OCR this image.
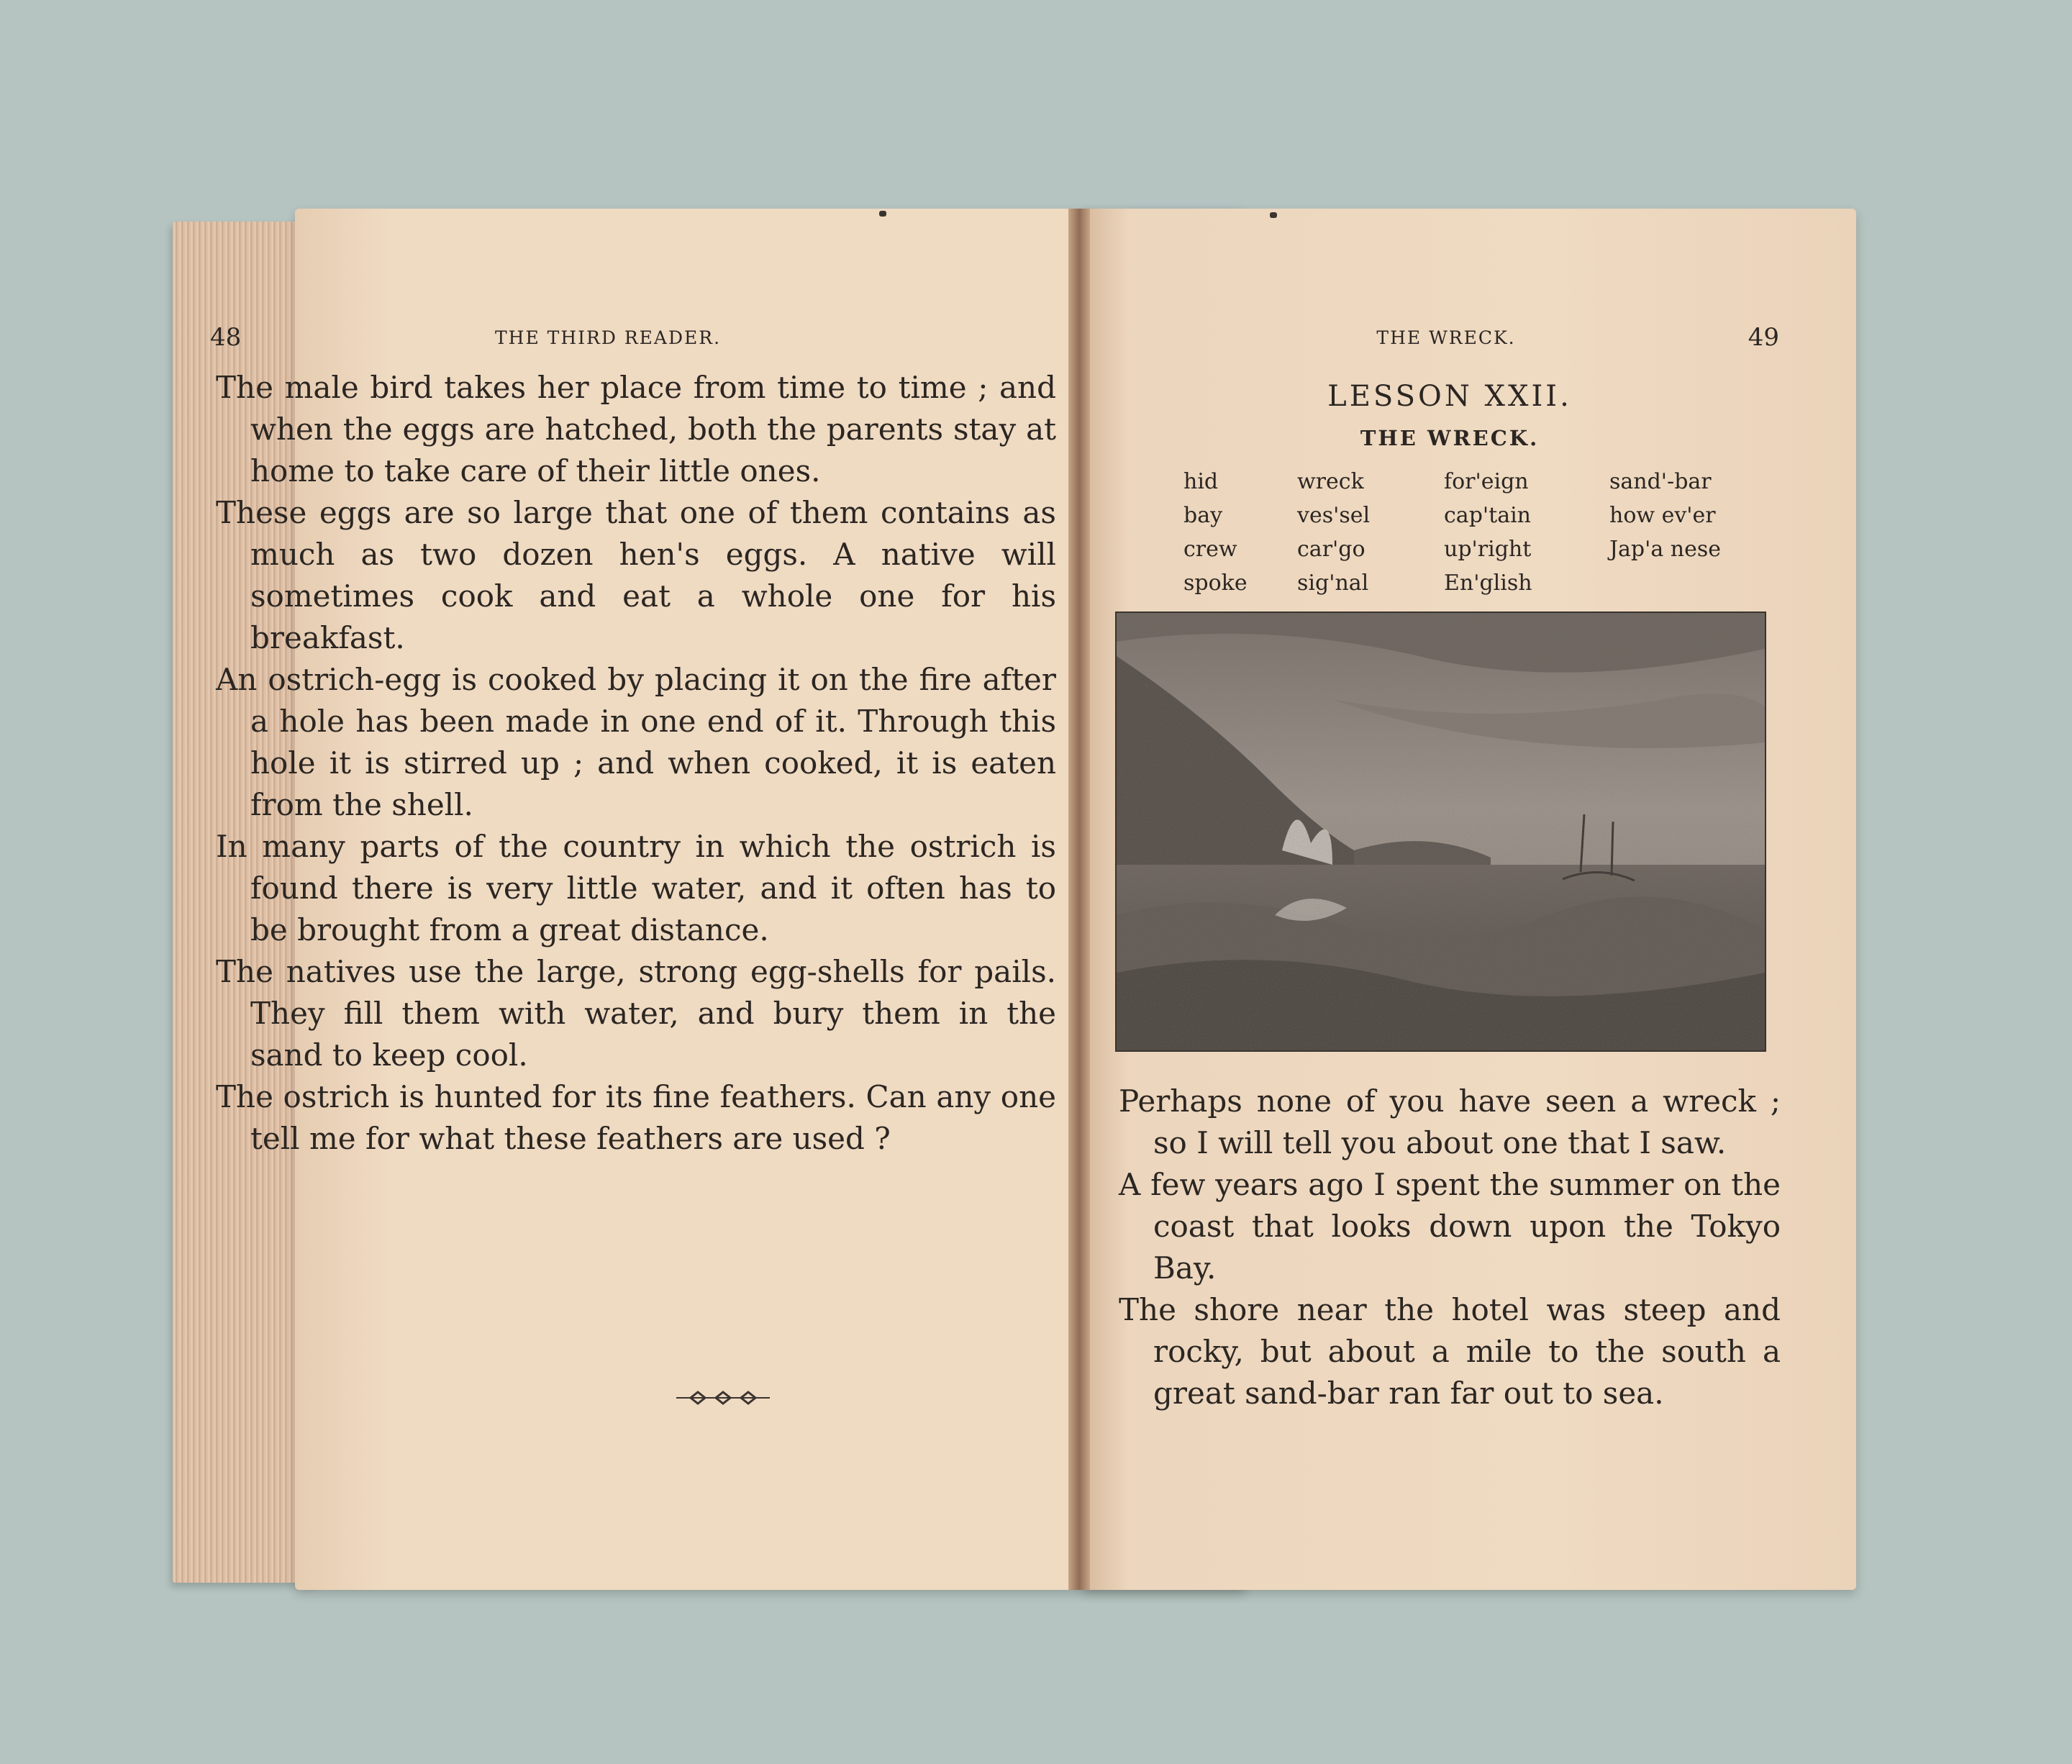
48	THE THIRD READER.

The male bird takes her place from time to time ; and when the eggs are hatched, both the parents stay at home to take care of their little ones.

These eggs are so large that one of them contains as much as two dozen hen's eggs. A native will sometimes cook and eat a whole one for his breakfast.

An ostrich-egg is cooked by placing it on the fire after a hole has been made in one end of it. Through this hole it is stirred up ; and when cooked, it is eaten from the shell.

In many parts of the country in which the ostrich is found there is very little water, and it often has to be brought from a great distance.

The natives use the large, strong egg-shells for pails. They fill them with water, and bury them in the sand to keep cool.

The ostrich is hunted for its fine feathers. Can any one tell me for what these feathers are used ?

THE WRECK.	49
LESSON XXII.
THE WRECK.
hid
bay
crew
spoke
wreck
ves'sel
car'go
sig'nal
for'eign
cap'tain
up'right
En'glish
sand'-bar
how ev'er
Jap'a nese

Perhaps none of you have seen a wreck ; so I will tell you about one that I saw.

A few years ago I spent the summer on the coast that looks down upon the Tokyo Bay.

The shore near the hotel was steep and rocky, but about a mile to the south a great sand-bar ran far out to sea.
